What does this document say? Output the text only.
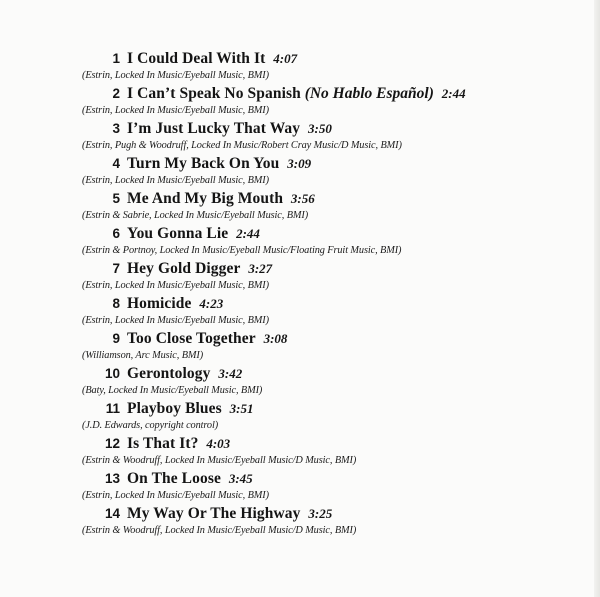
1 I Could Deal With It 4:07
(Estrin, Locked In Music/Eyeball Music, BMI)
2 I Can’t Speak No Spanish (No Hablo Español) 2:44
(Estrin, Locked In Music/Eyeball Music, BMI)
3 I’m Just Lucky That Way 3:50
(Estrin, Pugh & Woodruff, Locked In Music/Robert Cray Music/D Music, BMI)
4 Turn My Back On You 3:09
(Estrin, Locked In Music/Eyeball Music, BMI)
5 Me And My Big Mouth 3:56
(Estrin & Sabrie, Locked In Music/Eyeball Music, BMI)
6 You Gonna Lie 2:44
(Estrin & Portnoy, Locked In Music/Eyeball Music/Floating Fruit Music, BMI)
7 Hey Gold Digger 3:27
(Estrin, Locked In Music/Eyeball Music, BMI)
8 Homicide 4:23
(Estrin, Locked In Music/Eyeball Music, BMI)
9 Too Close Together 3:08
(Williamson, Arc Music, BMI)
10 Gerontology 3:42
(Baty, Locked In Music/Eyeball Music, BMI)
11 Playboy Blues 3:51
(J.D. Edwards, copyright control)
12 Is That It? 4:03
(Estrin & Woodruff, Locked In Music/Eyeball Music/D Music, BMI)
13 On The Loose 3:45
(Estrin, Locked In Music/Eyeball Music, BMI)
14 My Way Or The Highway 3:25
(Estrin & Woodruff, Locked In Music/Eyeball Music/D Music, BMI)
